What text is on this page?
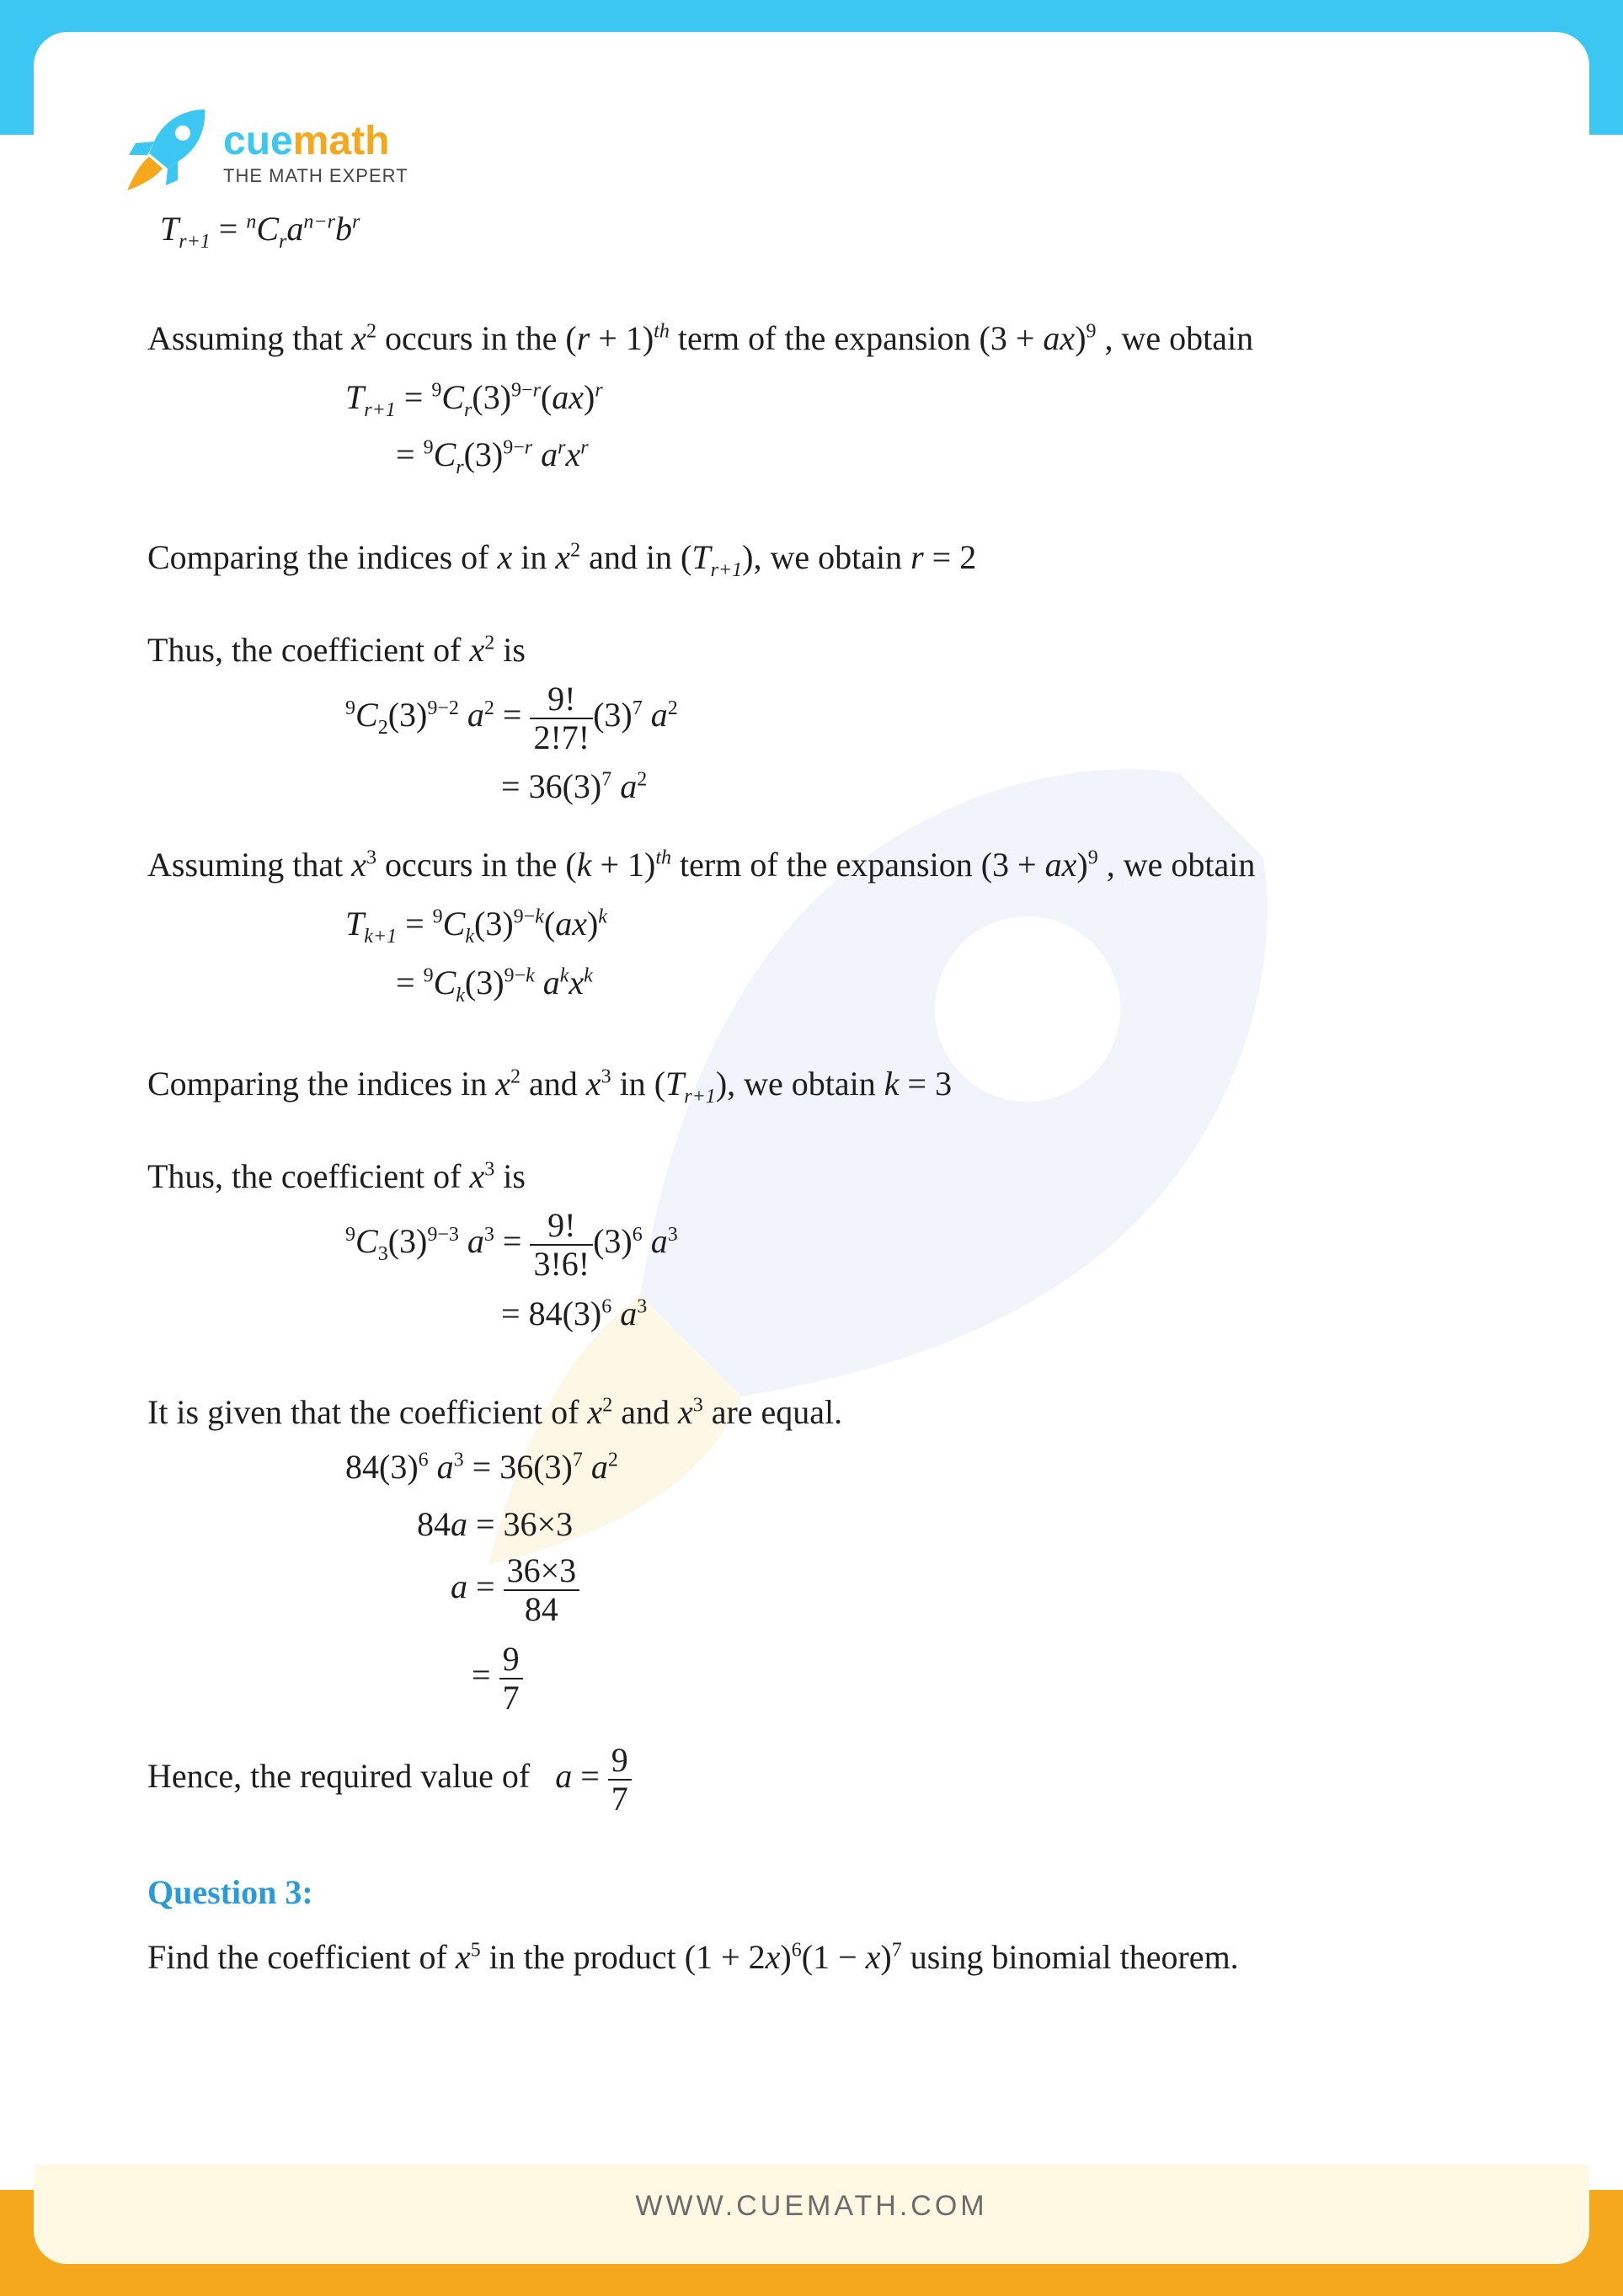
cuemath
THE MATH EXPERT
$T_{r+1} = ^nC_ra^{n-r}b^r$
Assuming that $x^2$ occurs in the $(r + 1)^{th}$ term of the expansion (3 + ax)$^9$ , we obtain
$T_{r+1} = ^9C_r(3)^{9-r}(ax)^r$
= $^9C_r(3)^{9-r}$ $a^rx^r$
Comparing the indices of x in $x^2$ and in $(T_{r+1})$, we obtain r = 2
Thus, the coefficient of $x^2$ is
$^9C_2(3)^{9-2}$ $a^2 = \frac{9!}{2!7!} (3)^7$ $a^2$
= $36(3)^7$ $a^2$
Assuming that $x^3$ occurs in the $(k + 1)^{th}$ term of the expansion (3 + ax)$^9$ , we obtain
$T_{k+1} = ^9C_k(3)^{9-k}(ax)^k$
= $^9C_k(3)^{9-k}$ $a^kx^k$
Comparing the indices in $x^2$ and $x^3$ in $(T_{r+1})$, we obtain k = 3
Thus, the coefficient of $x^3$ is
$^9C_3(3)^{9-3}$ $a^3 = \frac{9!}{3!6!} (3)^6$ $a^3$
= $84(3)^6$ $a^3$
It is given that the coefficient of $x^2$ and $x^3$ are equal.
$84(3)^6$ $a^3 = 36(3)^7$ $a^2$
84a = 36×3
$a = \frac{36\times 3}{84}$
= $\frac{9}{7}$
Hence, the required value of $a = \frac{9}{7}$
Question 3:
Find the coefficient of $x^5$ in the product $(1 + 2x)^6(1 - x)^7$ using binomial theorem.
WWW.CUEMATH.COM
